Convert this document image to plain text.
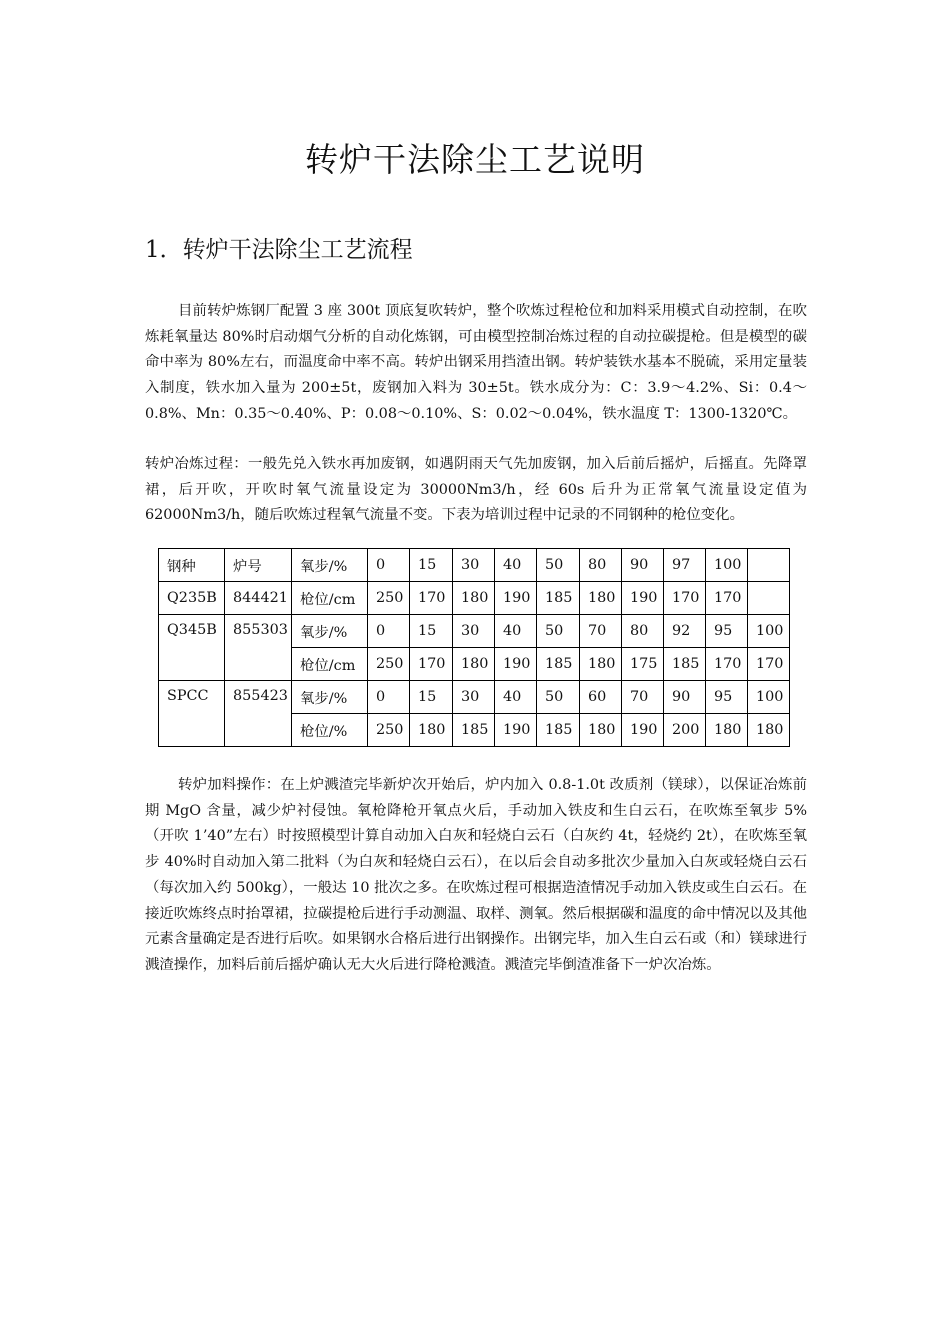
转炉干法除尘工艺说明
1．转炉干法除尘工艺流程

目前转炉炼钢厂配置 3 座 300t 顶底复吹转炉，整个吹炼过程枪位和加料采用模式自动控制，在吹炼耗氧量达 80%时启动烟气分析的自动化炼钢，可由模型控制冶炼过程的自动拉碳提枪。但是模型的碳命中率为 80%左右，而温度命中率不高。转炉出钢采用挡渣出钢。转炉装铁水基本不脱硫，采用定量装入制度，铁水加入量为 200±5t，废钢加入料为 30±5t。铁水成分为：C：3.9～4.2%、Si：0.4～0.8%、Mn：0.35～0.40%、P：0.08～0.10%、S：0.02～0.04%，铁水温度 T：1300-1320℃。

转炉冶炼过程：一般先兑入铁水再加废钢，如遇阴雨天气先加废钢，加入后前后摇炉，后摇直。先降罩裙，后开吹，开吹时氧气流量设定为 30000Nm3/h，经 60s 后升为正常氧气流量设定值为 62000Nm3/h，随后吹炼过程氧气流量不变。下表为培训过程中记录的不同钢种的枪位变化。

钢种	炉号	氧步/%	0	15	30	40	50	80	90	97	100	
Q235B	844421	枪位/cm	250	170	180	190	185	180	190	170	170	
Q345B	855303	氧步/%	0	15	30	40	50	70	80	92	95	100
		枪位/cm	250	170	180	190	185	180	175	185	170	170
SPCC	855423	氧步/%	0	15	30	40	50	60	70	90	95	100
		枪位/%	250	180	185	190	185	180	190	200	180	180

转炉加料操作：在上炉溅渣完毕新炉次开始后，炉内加入 0.8-1.0t 改质剂（镁球），以保证冶炼前期 MgO 含量，减少炉衬侵蚀。氧枪降枪开氧点火后，手动加入铁皮和生白云石，在吹炼至氧步 5%（开吹 1’40”左右）时按照模型计算自动加入白灰和轻烧白云石（白灰约 4t，轻烧约 2t），在吹炼至氧步 40%时自动加入第二批料（为白灰和轻烧白云石），在以后会自动多批次少量加入白灰或轻烧白云石（每次加入约 500kg），一般达 10 批次之多。在吹炼过程可根据造渣情况手动加入铁皮或生白云石。在接近吹炼终点时抬罩裙，拉碳提枪后进行手动测温、取样、测氧。然后根据碳和温度的命中情况以及其他元素含量确定是否进行后吹。如果钢水合格后进行出钢操作。出钢完毕，加入生白云石或（和）镁球进行溅渣操作，加料后前后摇炉确认无大火后进行降枪溅渣。溅渣完毕倒渣准备下一炉次冶炼。
